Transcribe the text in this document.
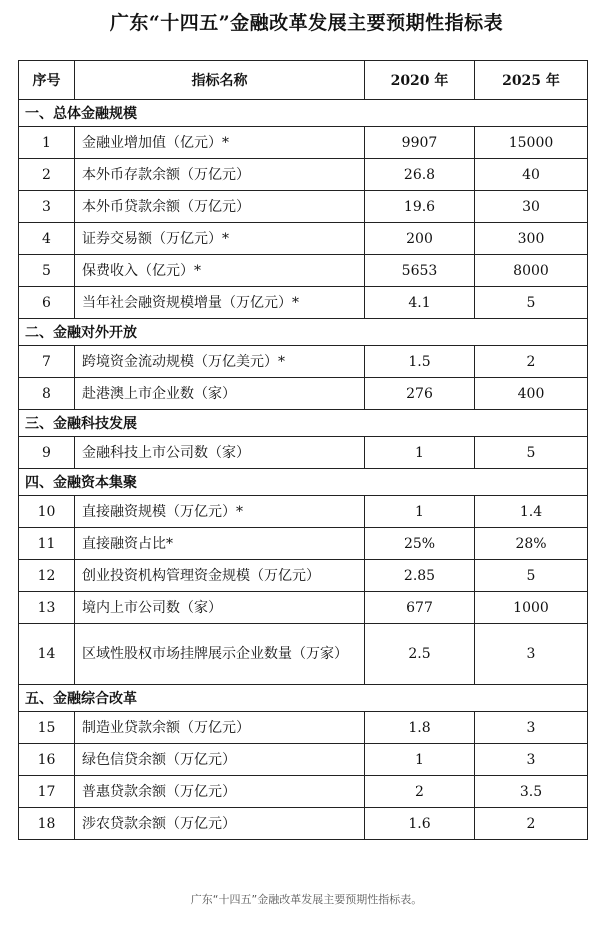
广东“十四五”金融改革发展主要预期性指标表
序号	指标名称	2020 年	2025 年
一、总体金融规模			
1	金融业增加值（亿元）*	9907	15000
2	本外币存款余额（万亿元）	26.8	40
3	本外币贷款余额（万亿元）	19.6	30
4	证券交易额（万亿元）*	200	300
5	保费收入（亿元）*	5653	8000
6	当年社会融资规模增量（万亿元）*	4.1	5
二、金融对外开放			
7	跨境资金流动规模（万亿美元）*	1.5	2
8	赴港澳上市企业数（家）	276	400
三、金融科技发展			
9	金融科技上市公司数（家）	1	5
四、金融资本集聚			
10	直接融资规模（万亿元）*	1	1.4
11	直接融资占比*	25%	28%
12	创业投资机构管理资金规模（万亿元）	2.85	5
13	境内上市公司数（家）	677	1000
14	区域性股权市场挂牌展示企业数量（万家）	2.5	3
五、金融综合改革			
15	制造业贷款余额（万亿元）	1.8	3
16	绿色信贷余额（万亿元）	1	3
17	普惠贷款余额（万亿元）	2	3.5
18	涉农贷款余额（万亿元）	1.6	2
广东“十四五”金融改革发展主要预期性指标表。
